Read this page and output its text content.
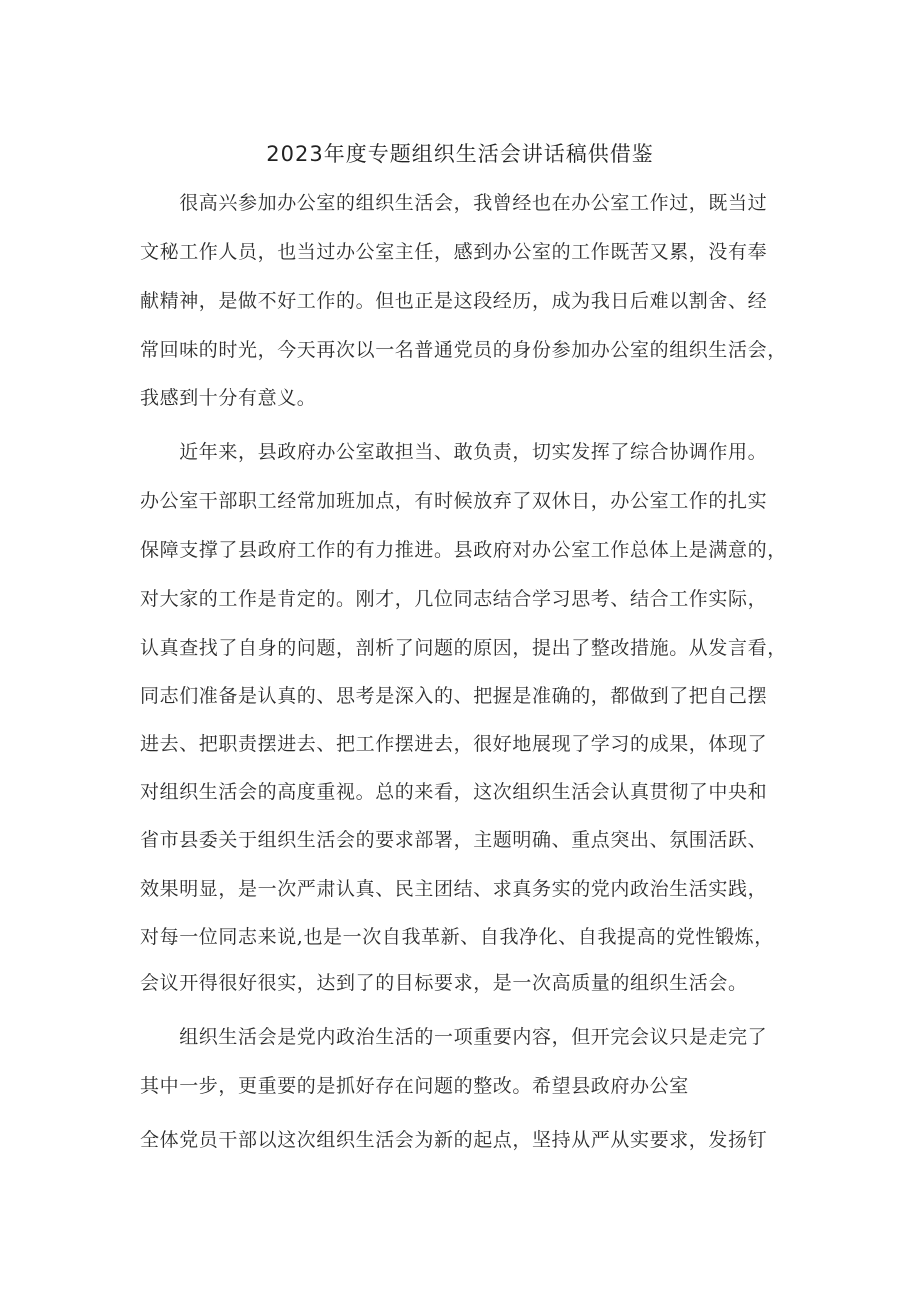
2023年度专题组织生活会讲话稿供借鉴
　　很高兴参加办公室的组织生活会，我曾经也在办公室工作过，既当过
文秘工作人员，也当过办公室主任，感到办公室的工作既苦又累，没有奉
献精神，是做不好工作的。但也正是这段经历，成为我日后难以割舍、经
常回味的时光，今天再次以一名普通党员的身份参加办公室的组织生活会，
我感到十分有意义。
　　近年来，县政府办公室敢担当、敢负责，切实发挥了综合协调作用。
办公室干部职工经常加班加点，有时候放弃了双休日，办公室工作的扎实
保障支撑了县政府工作的有力推进。县政府对办公室工作总体上是满意的，
对大家的工作是肯定的。刚才，几位同志结合学习思考、结合工作实际，
认真查找了自身的问题，剖析了问题的原因，提出了整改措施。从发言看，
同志们准备是认真的、思考是深入的、把握是准确的，都做到了把自己摆
进去、把职责摆进去、把工作摆进去，很好地展现了学习的成果，体现了
对组织生活会的高度重视。总的来看，这次组织生活会认真贯彻了中央和
省市县委关于组织生活会的要求部署，主题明确、重点突出、氛围活跃、
效果明显，是一次严肃认真、民主团结、求真务实的党内政治生活实践，
对每一位同志来说,也是一次自我革新、自我净化、自我提高的党性锻炼，
会议开得很好很实，达到了的目标要求，是一次高质量的组织生活会。
　　组织生活会是党内政治生活的一项重要内容，但开完会议只是走完了
其中一步，更重要的是抓好存在问题的整改。希望县政府办公室
全体党员干部以这次组织生活会为新的起点，坚持从严从实要求，发扬钉
